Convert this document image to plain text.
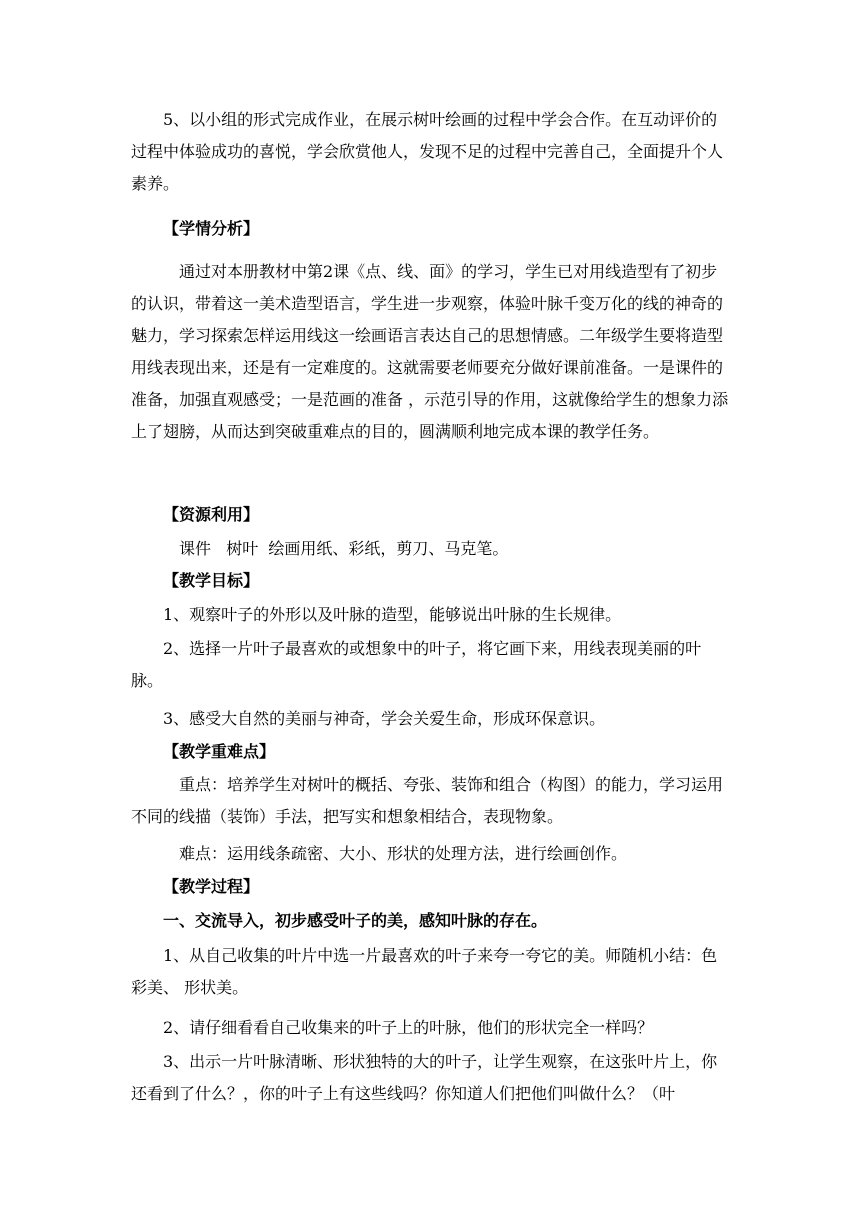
5、以小组的形式完成作业，在展示树叶绘画的过程中学会合作。在互动评价的过程中体验成功的喜悦，学会欣赏他人，发现不足的过程中完善自己，全面提升个人素养。

【学情分析】

通过对本册教材中第2课《点、线、面》的学习，学生已对用线造型有了初步的认识，带着这一美术造型语言，学生进一步观察，体验叶脉千变万化的线的神奇的魅力，学习探索怎样运用线这一绘画语言表达自己的思想情感。二年级学生要将造型用线表现出来，还是有一定难度的。这就需要老师要充分做好课前准备。一是课件的准备，加强直观感受；一是范画的准备 ，示范引导的作用，这就像给学生的想象力添上了翅膀，从而达到突破重难点的目的，圆满顺利地完成本课的教学任务。

【资源利用】

课件   树叶  绘画用纸、彩纸，剪刀、马克笔。

【教学目标】

1、观察叶子的外形以及叶脉的造型，能够说出叶脉的生长规律。

2、选择一片叶子最喜欢的或想象中的叶子，将它画下来，用线表现美丽的叶脉。

3、感受大自然的美丽与神奇，学会关爱生命，形成环保意识。

【教学重难点】

重点：培养学生对树叶的概括、夸张、装饰和组合（构图）的能力，学习运用不同的线描（装饰）手法，把写实和想象相结合，表现物象。

难点：运用线条疏密、大小、形状的处理方法，进行绘画创作。

【教学过程】

一、交流导入，初步感受叶子的美，感知叶脉的存在。

1、从自己收集的叶片中选一片最喜欢的叶子来夸一夸它的美。师随机小结：色彩美、 形状美。

2、请仔细看看自己收集来的叶子上的叶脉，他们的形状完全一样吗？

3、出示一片叶脉清晰、形状独特的大的叶子，让学生观察，在这张叶片上，你还看到了什么？，你的叶子上有这些线吗？你知道人们把他们叫做什么？（叶
